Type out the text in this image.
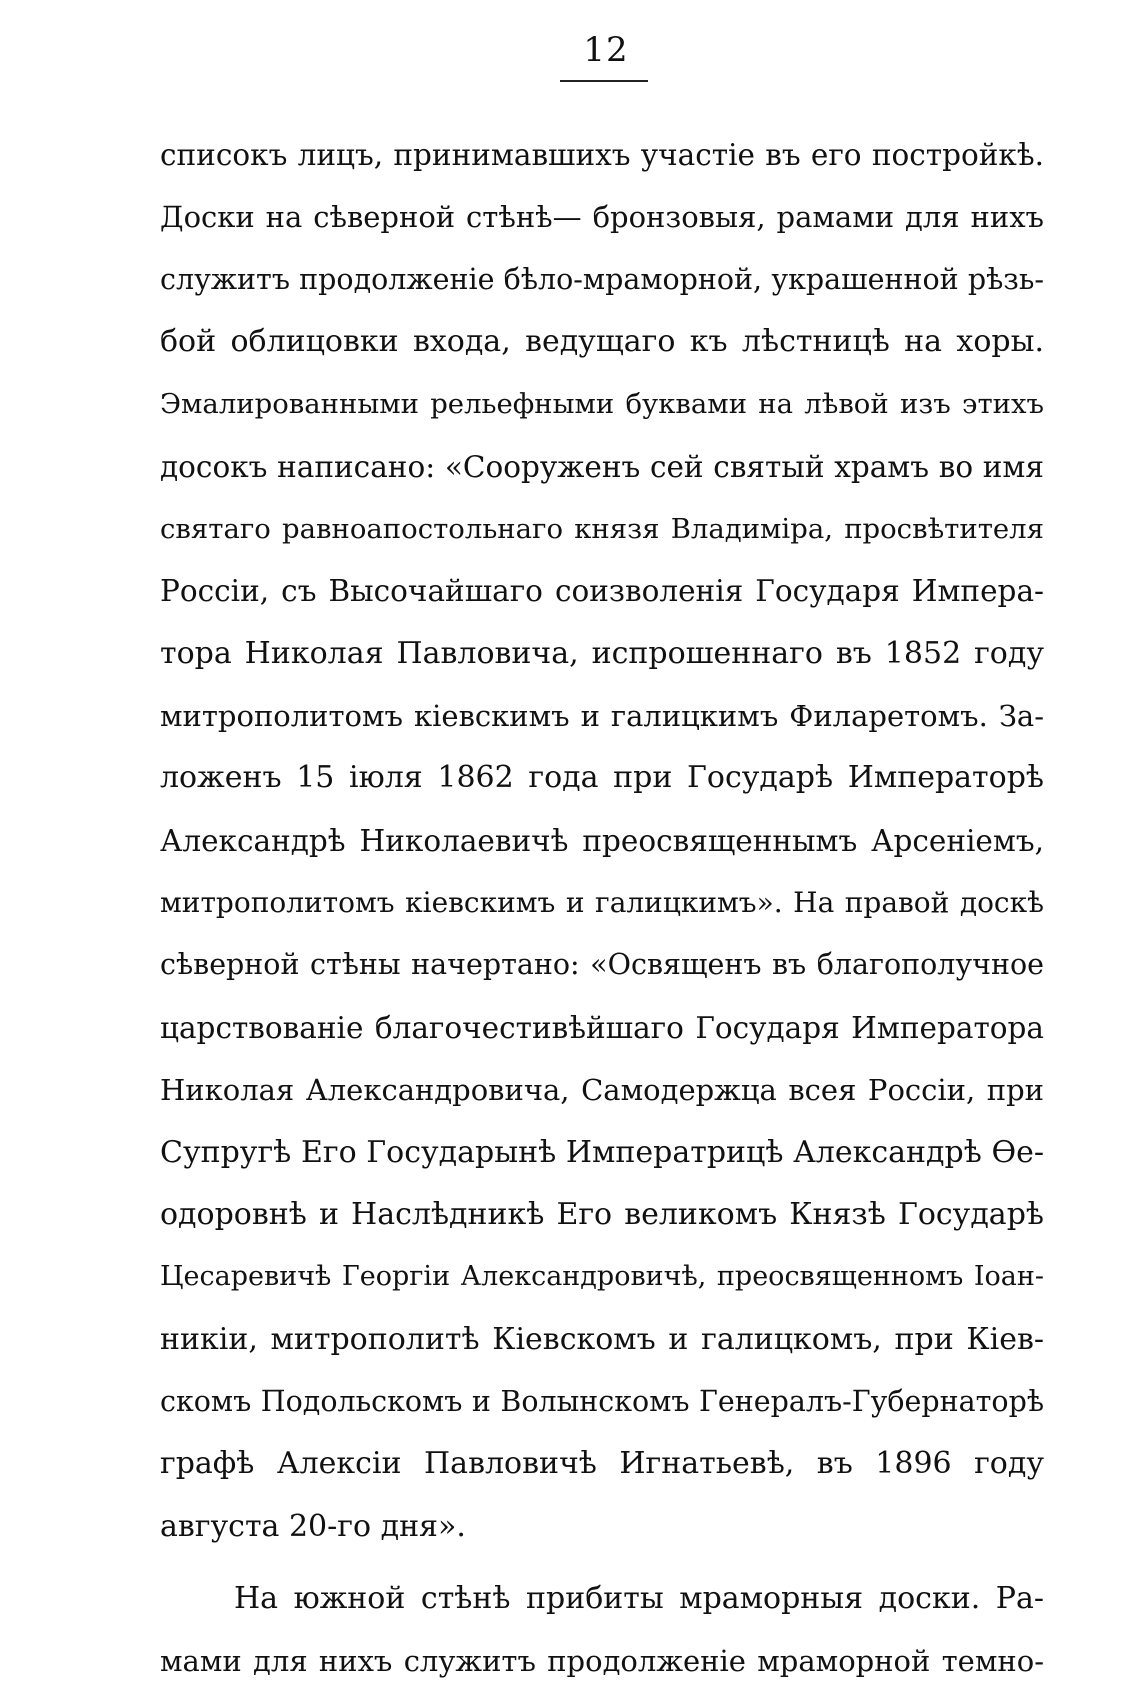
12
списокъ лицъ, принимавшихъ участіе въ его постройкѣ.
Доски на сѣверной стѣнѣ— бронзовыя, рамами для нихъ
служитъ продолженіе бѣло-мраморной, украшенной рѣзь-
бой облицовки входа, ведущаго къ лѣстницѣ на хоры.
Эмалированными рельефными буквами на лѣвой изъ этихъ
досокъ написано: «Сооруженъ сей святый храмъ во имя
святаго равноапостольнаго князя Владиміра, просвѣтителя
Россіи, съ Высочайшаго соизволенія Государя Импера-
тора Николая Павловича, испрошеннаго въ 1852 году
митрополитомъ кіевскимъ и галицкимъ Филаретомъ. За-
ложенъ 15 іюля 1862 года при Государѣ Императорѣ
Александрѣ Николаевичѣ преосвященнымъ Арсеніемъ,
митрополитомъ кіевскимъ и галицкимъ». На правой доскѣ
сѣверной стѣны начертано: «Освященъ въ благополучное
царствованіе благочестивѣйшаго Государя Императора
Николая Александровича, Самодержца всея Россіи, при
Супругѣ Его Государынѣ Императрицѣ Александрѣ Ѳе-
одоровнѣ и Наслѣдникѣ Его великомъ Князѣ Государѣ
Цесаревичѣ Георгіи Александровичѣ, преосвященномъ Іоан-
никіи, митрополитѣ Кіевскомъ и галицкомъ, при Кіев-
скомъ Подольскомъ и Волынскомъ Генералъ-Губернаторѣ
графѣ Алексіи Павловичѣ Игнатьевѣ, въ 1896 году
августа 20-го дня».
На южной стѣнѣ прибиты мраморныя доски. Ра-
мами для нихъ служитъ продолженіе мраморной темно-
